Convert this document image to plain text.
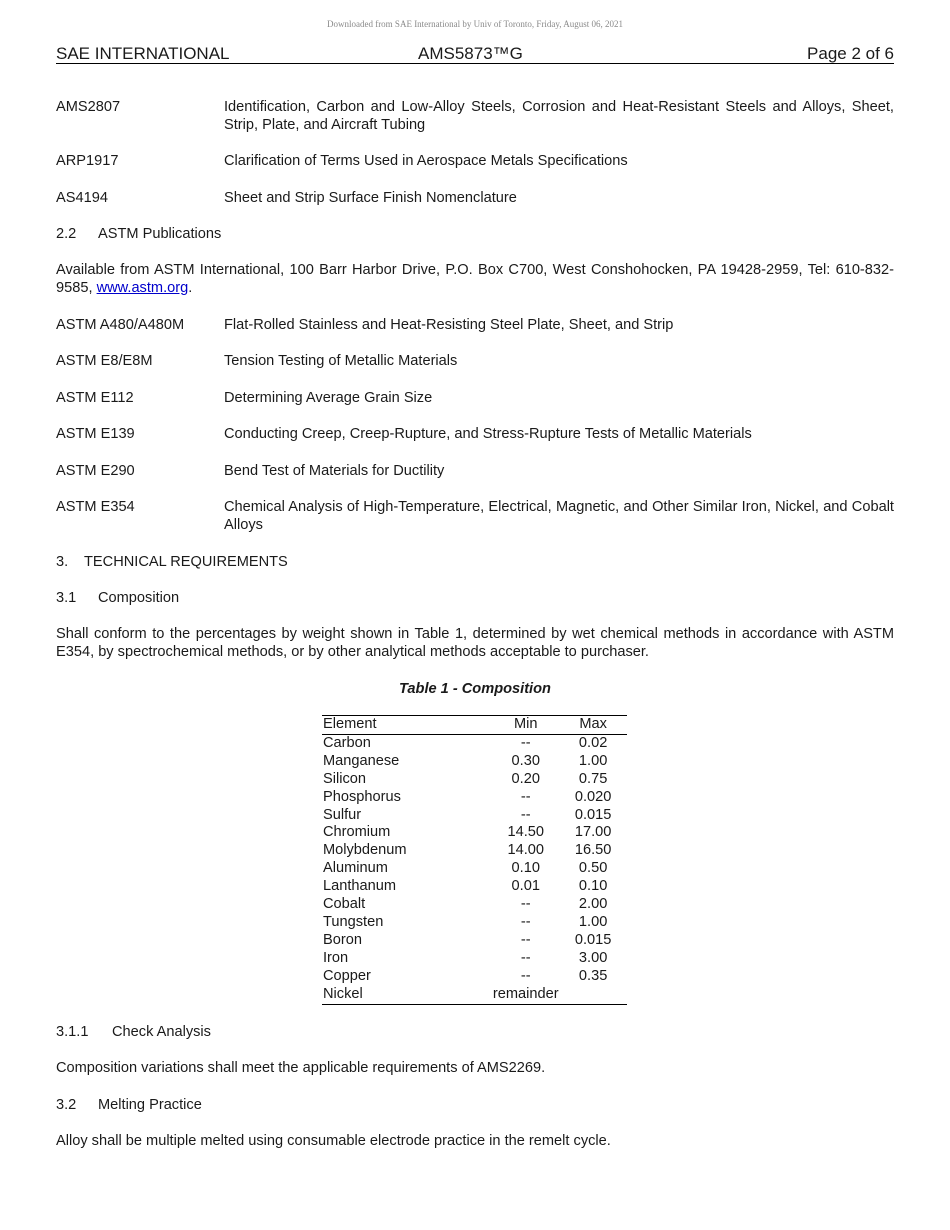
Downloaded from SAE International by Univ of Toronto, Friday, August 06, 2021
SAE INTERNATIONAL	AMS5873™G	Page 2 of 6
AMS2807	Identification, Carbon and Low-Alloy Steels, Corrosion and Heat-Resistant Steels and Alloys, Sheet, Strip, Plate, and Aircraft Tubing
ARP1917	Clarification of Terms Used in Aerospace Metals Specifications
AS4194	Sheet and Strip Surface Finish Nomenclature
2.2 ASTM Publications
Available from ASTM International, 100 Barr Harbor Drive, P.O. Box C700, West Conshohocken, PA 19428-2959, Tel: 610-832-9585, www.astm.org.
ASTM A480/A480M	Flat-Rolled Stainless and Heat-Resisting Steel Plate, Sheet, and Strip
ASTM E8/E8M	Tension Testing of Metallic Materials
ASTM E112	Determining Average Grain Size
ASTM E139	Conducting Creep, Creep-Rupture, and Stress-Rupture Tests of Metallic Materials
ASTM E290	Bend Test of Materials for Ductility
ASTM E354	Chemical Analysis of High-Temperature, Electrical, Magnetic, and Other Similar Iron, Nickel, and Cobalt Alloys
3. TECHNICAL REQUIREMENTS
3.1 Composition
Shall conform to the percentages by weight shown in Table 1, determined by wet chemical methods in accordance with ASTM E354, by spectrochemical methods, or by other analytical methods acceptable to purchaser.
Table 1 - Composition
Element	Min	Max
Carbon	--	0.02
Manganese	0.30	1.00
Silicon	0.20	0.75
Phosphorus	--	0.020
Sulfur	--	0.015
Chromium	14.50	17.00
Molybdenum	14.00	16.50
Aluminum	0.10	0.50
Lanthanum	0.01	0.10
Cobalt	--	2.00
Tungsten	--	1.00
Boron	--	0.015
Iron	--	3.00
Copper	--	0.35
Nickel	remainder	
3.1.1 Check Analysis
Composition variations shall meet the applicable requirements of AMS2269.
3.2 Melting Practice
Alloy shall be multiple melted using consumable electrode practice in the remelt cycle.
